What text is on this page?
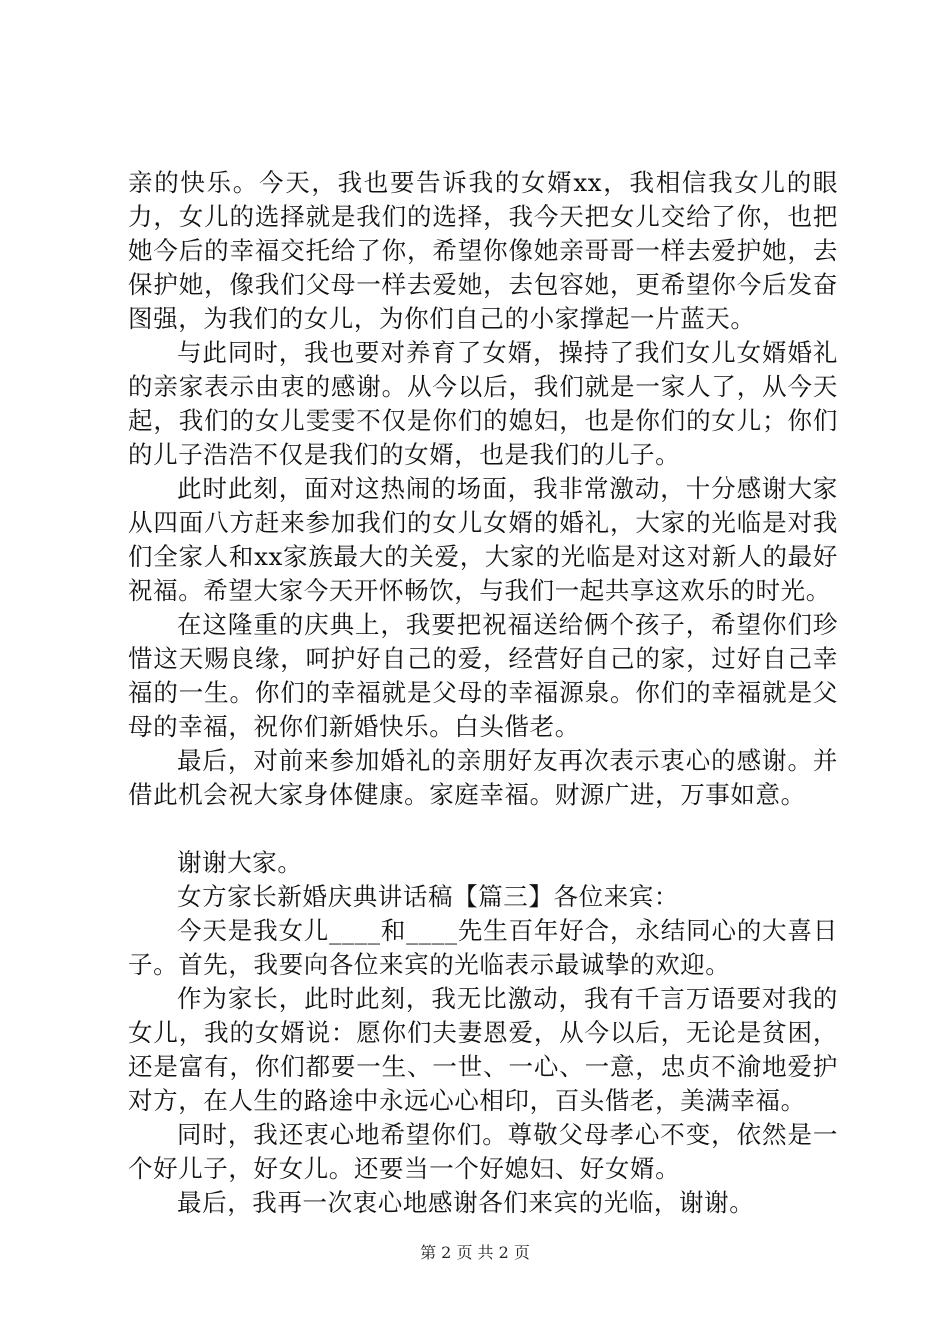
亲的快乐。今天，我也要告诉我的女婿xx，我相信我女儿的眼力，女儿的选择就是我们的选择，我今天把女儿交给了你，也把她今后的幸福交托给了你，希望你像她亲哥哥一样去爱护她，去保护她，像我们父母一样去爱她，去包容她，更希望你今后发奋图强，为我们的女儿，为你们自己的小家撑起一片蓝天。

与此同时，我也要对养育了女婿，操持了我们女儿女婿婚礼的亲家表示由衷的感谢。从今以后，我们就是一家人了，从今天起，我们的女儿雯雯不仅是你们的媳妇，也是你们的女儿；你们的儿子浩浩不仅是我们的女婿，也是我们的儿子。

此时此刻，面对这热闹的场面，我非常激动，十分感谢大家从四面八方赶来参加我们的女儿女婿的婚礼，大家的光临是对我们全家人和xx家族最大的关爱，大家的光临是对这对新人的最好祝福。希望大家今天开怀畅饮，与我们一起共享这欢乐的时光。

在这隆重的庆典上，我要把祝福送给俩个孩子，希望你们珍惜这天赐良缘，呵护好自己的爱，经营好自己的家，过好自己幸福的一生。你们的幸福就是父母的幸福源泉。你们的幸福就是父母的幸福，祝你们新婚快乐。白头偕老。

最后，对前来参加婚礼的亲朋好友再次表示衷心的感谢。并借此机会祝大家身体健康。家庭幸福。财源广进，万事如意。

谢谢大家。

女方家长新婚庆典讲话稿【篇三】各位来宾：

今天是我女儿____和____先生百年好合，永结同心的大喜日子。首先，我要向各位来宾的光临表示最诚挚的欢迎。

作为家长，此时此刻，我无比激动，我有千言万语要对我的女儿，我的女婿说：愿你们夫妻恩爱，从今以后，无论是贫困，还是富有，你们都要一生、一世、一心、一意，忠贞不渝地爱护对方，在人生的路途中永远心心相印，百头偕老，美满幸福。

同时，我还衷心地希望你们。尊敬父母孝心不变，依然是一个好儿子，好女儿。还要当一个好媳妇、好女婿。

最后，我再一次衷心地感谢各们来宾的光临，谢谢。

第 2 页 共 2 页
